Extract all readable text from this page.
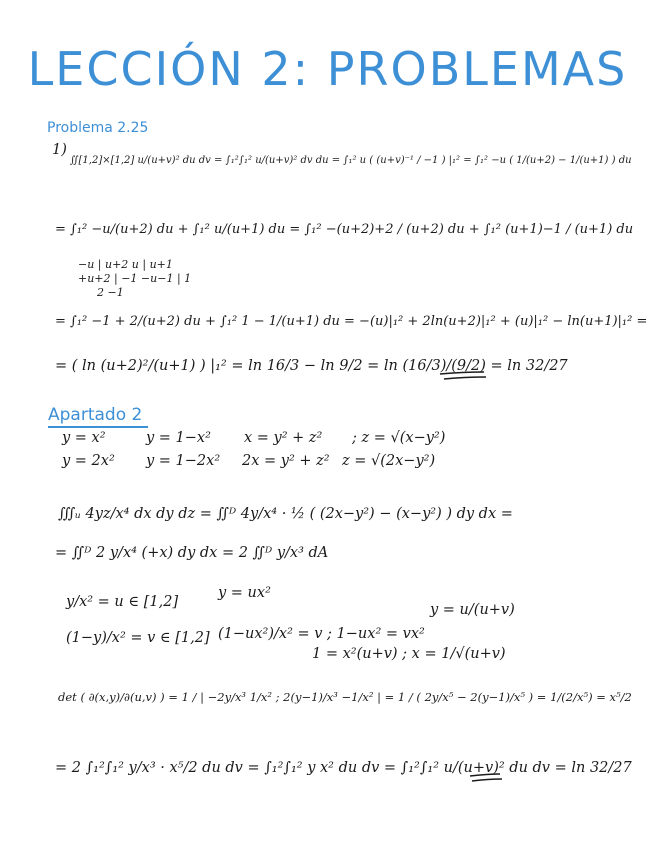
LECCIÓN 2: PROBLEMAS
Problema 2.25
1)
∬[1,2]×[1,2] u/(u+v)² du dv = ∫₁²∫₁² u/(u+v)² dv du = ∫₁² u ( (u+v)⁻¹ / −1 ) |₁² = ∫₁² −u ( 1/(u+2) − 1/(u+1) ) du
= ∫₁² −u/(u+2) du + ∫₁² u/(u+1) du = ∫₁² −(u+2)+2 / (u+2) du + ∫₁² (u+1)−1 / (u+1) du
−u | u+2 u | u+1
+u+2 | −1 −u−1 | 1
2 −1
= ∫₁² −1 + 2/(u+2) du + ∫₁² 1 − 1/(u+1) du = −(u)|₁² + 2ln(u+2)|₁² + (u)|₁² − ln(u+1)|₁² =
= ( ln (u+2)²/(u+1) ) |₁² = ln 16/3 − ln 9/2 = ln (16/3)/(9/2) = ln 32/27
Apartado 2
y = x²	y = 1−x² x = y² + z² ; z = √(x−y²)
y = 2x² y = 1−2x² 2x = y² + z² z = √(2x−y²)
∭ᵤ 4yz/x⁴ dx dy dz = ∬ᴰ 4y/x⁴ · ½ ( (2x−y²) − (x−y²) ) dy dx =
= ∬ᴰ 2 y/x⁴ (+x) dy dx = 2 ∬ᴰ y/x³ dA
y/x² = u ∈ [1,2]
y = ux²
(1−y)/x² = v ∈ [1,2] (1−ux²)/x² = v ; 1−ux² = vx²
y = u/(u+v)
1 = x²(u+v) ; x = 1/√(u+v)
det ( ∂(x,y)/∂(u,v) ) = 1 / | −2y/x³ 1/x² ; 2(y−1)/x³ −1/x² | = 1 / ( 2y/x⁵ − 2(y−1)/x⁵ ) = 1/(2/x⁵) = x⁵/2
= 2 ∫₁²∫₁² y/x³ · x⁵/2 du dv = ∫₁²∫₁² y x² du dv = ∫₁²∫₁² u/(u+v)² du dv = ln 32/27
